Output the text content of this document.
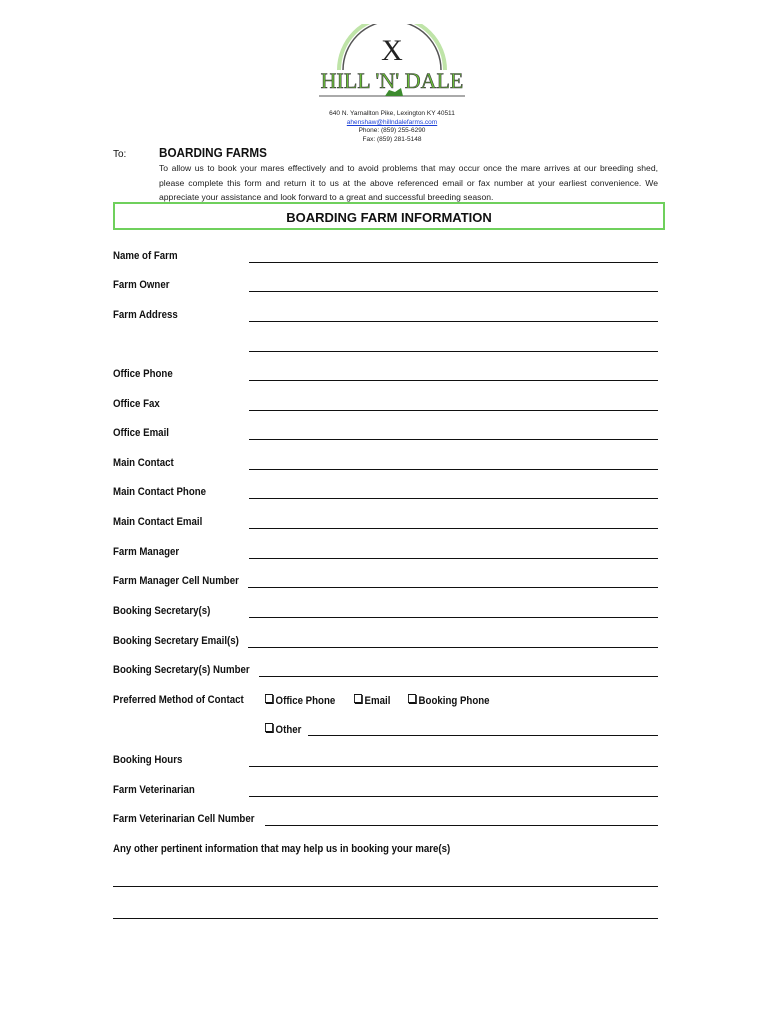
X
HILL 'N' DALE
640 N. Yarnallton Pike, Lexington KY 40511
ahenshaw@hillndalefarms.com
Phone: (859) 255-6290
Fax: (859) 281-5148
To:	BOARDING FARMS
To allow us to book your mares effectively and to avoid problems that may occur once the mare arrives at our breeding shed, please complete this form and return it to us at the above referenced email or fax number at your earliest convenience. We appreciate your assistance and look forward to a great and successful breeding season.
BOARDING FARM INFORMATION
Name of Farm
Farm Owner
Farm Address
Office Phone
Office Fax
Office Email
Main Contact
Main Contact Phone
Main Contact Email
Farm Manager
Farm Manager Cell Number
Booking Secretary(s)
Booking Secretary Email(s)
Booking Secretary(s) Number
Preferred Method of Contact	Office Phone	Email	Booking Phone
Other
Booking Hours
Farm Veterinarian
Farm Veterinarian Cell Number
Any other pertinent information that may help us in booking your mare(s)
